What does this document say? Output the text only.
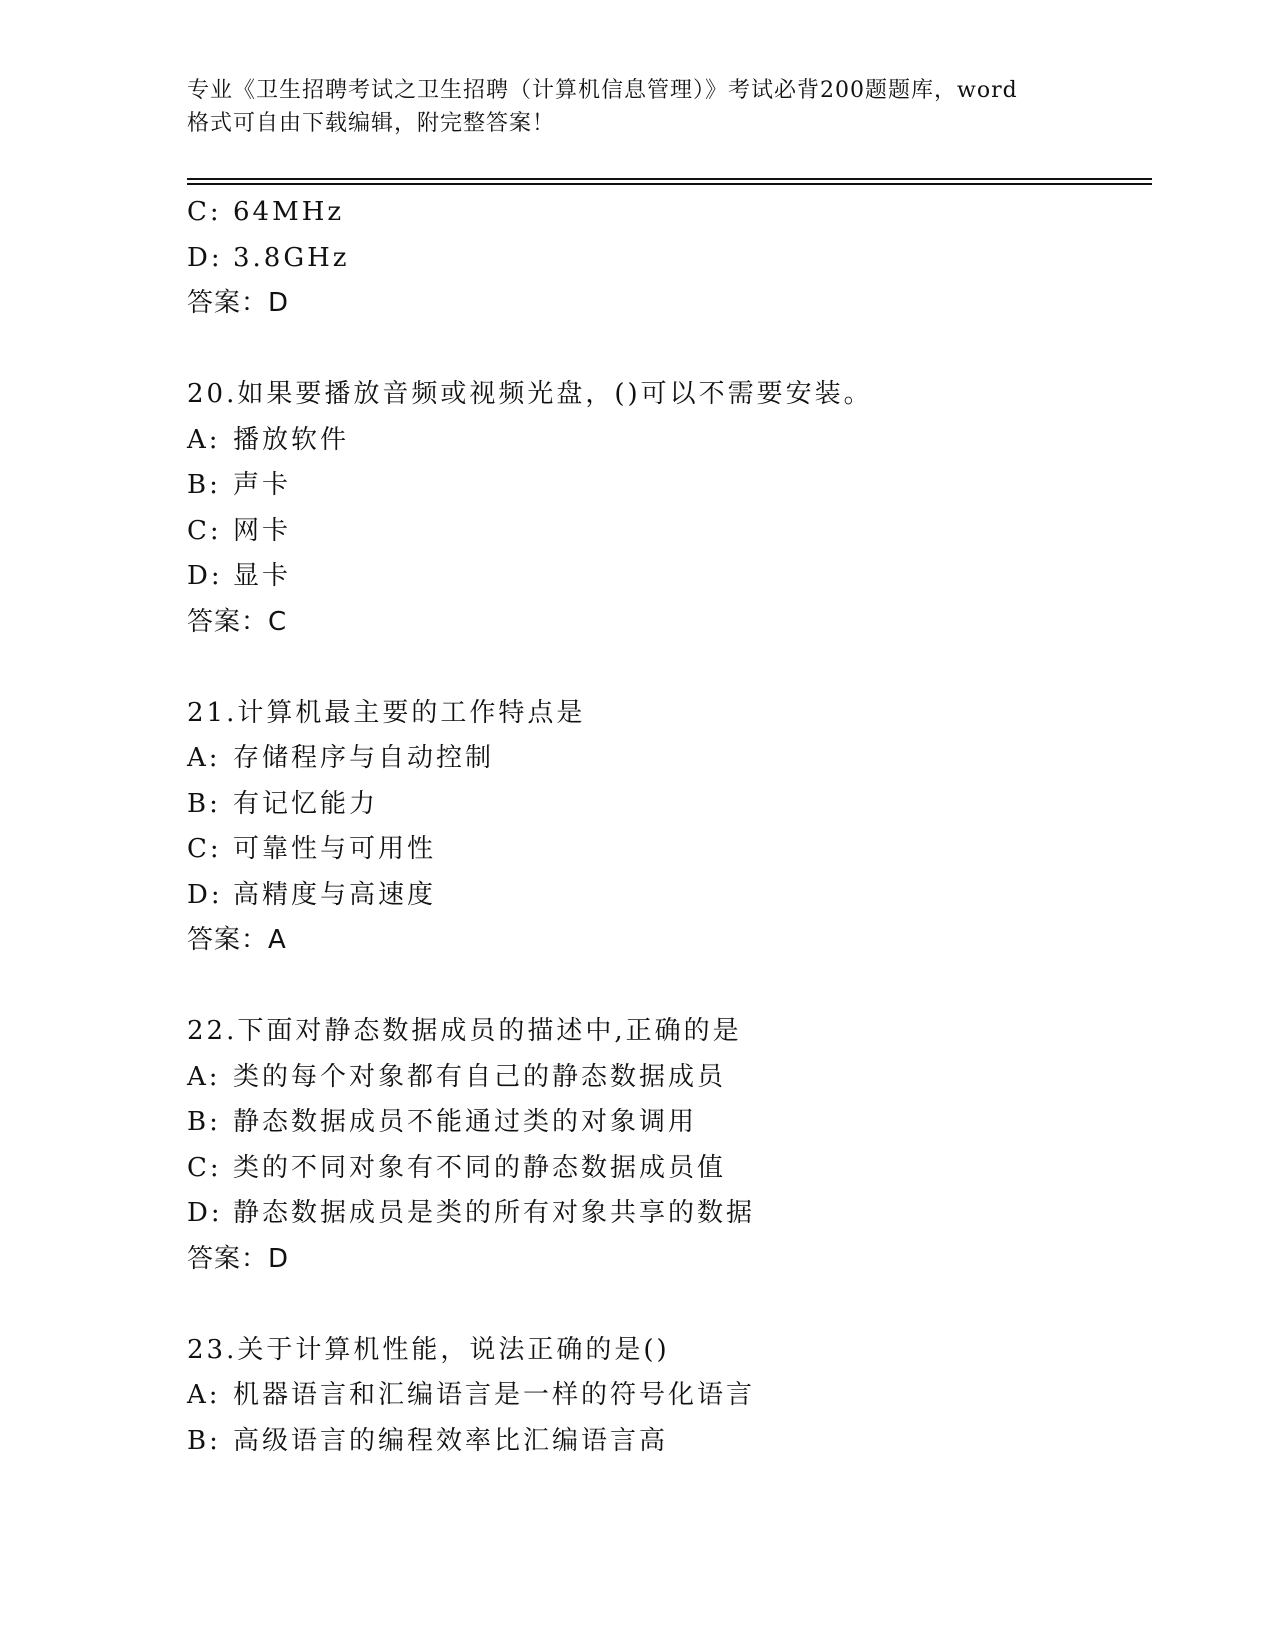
专业《卫生招聘考试之卫生招聘（计算机信息管理）》考试必背200题题库，word
格式可自由下载编辑，附完整答案！
C: 64MHz
D: 3.8GHz
答案：D
20.如果要播放音频或视频光盘，()可以不需要安装。
A: 播放软件
B: 声卡
C: 网卡
D: 显卡
答案：C
21.计算机最主要的工作特点是
A: 存储程序与自动控制
B: 有记忆能力
C: 可靠性与可用性
D: 高精度与高速度
答案：A
22.下面对静态数据成员的描述中,正确的是
A: 类的每个对象都有自己的静态数据成员
B: 静态数据成员不能通过类的对象调用
C: 类的不同对象有不同的静态数据成员值
D: 静态数据成员是类的所有对象共享的数据
答案：D
23.关于计算机性能，说法正确的是()
A: 机器语言和汇编语言是一样的符号化语言
B: 高级语言的编程效率比汇编语言高
